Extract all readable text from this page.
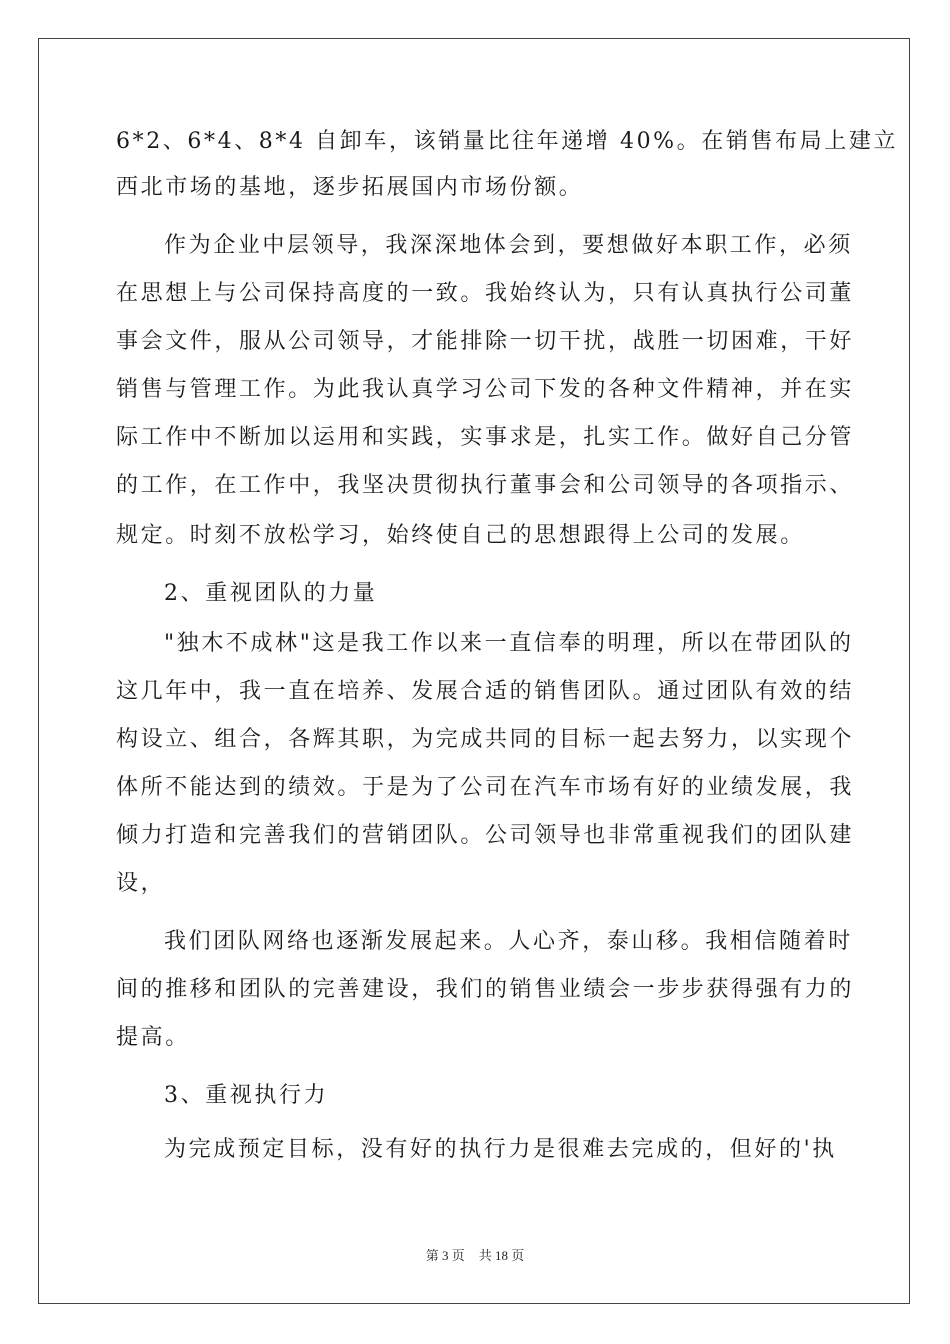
6*2、6*4、8*4 自卸车，该销量比往年递增 40%。在销售布局上建立
西北市场的基地，逐步拓展国内市场份额。
作为企业中层领导，我深深地体会到，要想做好本职工作，必须
在思想上与公司保持高度的一致。我始终认为，只有认真执行公司董
事会文件，服从公司领导，才能排除一切干扰，战胜一切困难，干好
销售与管理工作。为此我认真学习公司下发的各种文件精神，并在实
际工作中不断加以运用和实践，实事求是，扎实工作。做好自己分管
的工作，在工作中，我坚决贯彻执行董事会和公司领导的各项指示、
规定。时刻不放松学习，始终使自己的思想跟得上公司的发展。
2、重视团队的力量
"独木不成林"这是我工作以来一直信奉的明理，所以在带团队的
这几年中，我一直在培养、发展合适的销售团队。通过团队有效的结
构设立、组合，各辉其职，为完成共同的目标一起去努力，以实现个
体所不能达到的绩效。于是为了公司在汽车市场有好的业绩发展，我
倾力打造和完善我们的营销团队。公司领导也非常重视我们的团队建
设，
我们团队网络也逐渐发展起来。人心齐，泰山移。我相信随着时
间的推移和团队的完善建设，我们的销售业绩会一步步获得强有力的
提高。
3、重视执行力
为完成预定目标，没有好的执行力是很难去完成的，但好的'执
第 3 页 共 18 页
